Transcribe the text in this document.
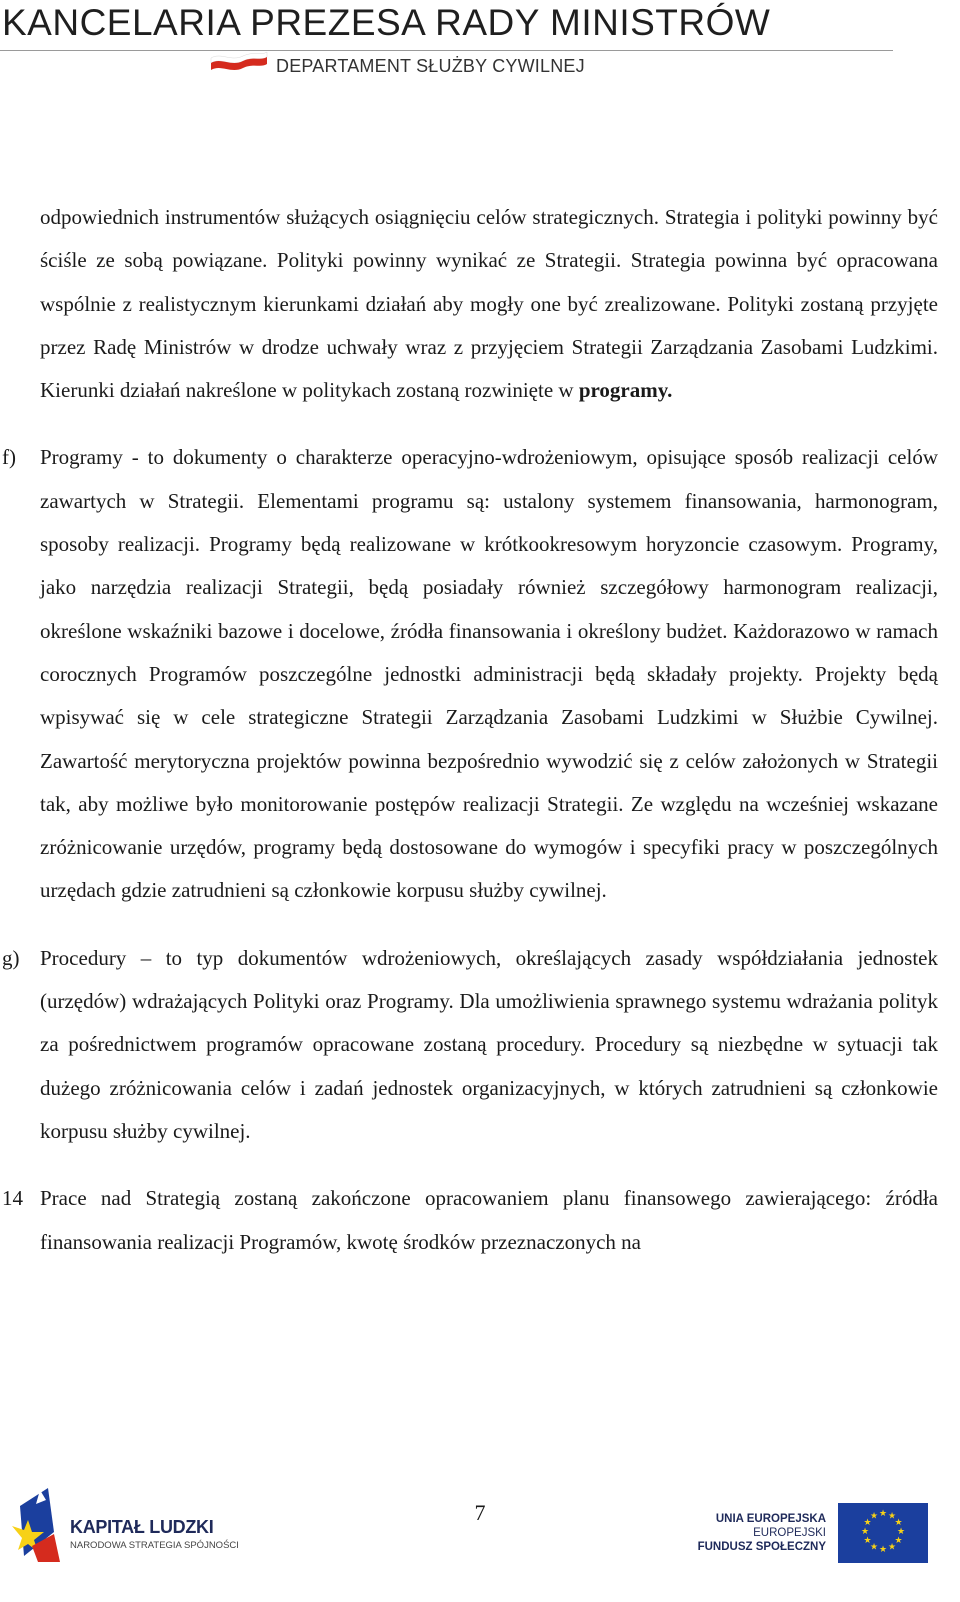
KANCELARIA PREZESA RADY MINISTRÓW
DEPARTAMENT SŁUŻBY CYWILNEJ
odpowiednich instrumentów służących osiągnięciu celów strategicznych. Strategia i polityki powinny być ściśle ze sobą powiązane. Polityki powinny wynikać ze Strategii. Strategia powinna być opracowana wspólnie z realistycznym kierunkami działań aby mogły one być zrealizowane. Polityki zostaną przyjęte przez Radę Ministrów w drodze uchwały wraz z przyjęciem Strategii Zarządzania Zasobami Ludzkimi. Kierunki działań nakreślone w politykach zostaną rozwinięte w programy.
f) Programy - to dokumenty o charakterze operacyjno-wdrożeniowym, opisujące sposób realizacji celów zawartych w Strategii. Elementami programu są: ustalony systemem finansowania, harmonogram, sposoby realizacji. Programy będą realizowane w krótkookresowym horyzoncie czasowym. Programy, jako narzędzia realizacji Strategii, będą posiadały również szczegółowy harmonogram realizacji, określone wskaźniki bazowe i docelowe, źródła finansowania i określony budżet. Każdorazowo w ramach corocznych Programów poszczególne jednostki administracji będą składały projekty. Projekty będą wpisywać się w cele strategiczne Strategii Zarządzania Zasobami Ludzkimi w Służbie Cywilnej. Zawartość merytoryczna projektów powinna bezpośrednio wywodzić się z celów założonych w Strategii tak, aby możliwe było monitorowanie postępów realizacji Strategii. Ze względu na wcześniej wskazane zróżnicowanie urzędów, programy będą dostosowane do wymogów i specyfiki pracy w poszczególnych urzędach gdzie zatrudnieni są członkowie korpusu służby cywilnej.
g) Procedury – to typ dokumentów wdrożeniowych, określających zasady współdziałania jednostek (urzędów) wdrażających Polityki oraz Programy. Dla umożliwienia sprawnego systemu wdrażania polityk za pośrednictwem programów opracowane zostaną procedury. Procedury są niezbędne w sytuacji tak dużego zróżnicowania celów i zadań jednostek organizacyjnych, w których zatrudnieni są członkowie korpusu służby cywilnej.
14 Prace nad Strategią zostaną zakończone opracowaniem planu finansowego zawierającego: źródła finansowania realizacji Programów, kwotę środków przeznaczonych na
7
KAPITAŁ LUDZKI
NARODOWA STRATEGIA SPÓJNOŚCI
UNIA EUROPEJSKA
EUROPEJSKI
FUNDUSZ SPOŁECZNY
★ ★
★
★
★
★
★
★
★
★
★
★
